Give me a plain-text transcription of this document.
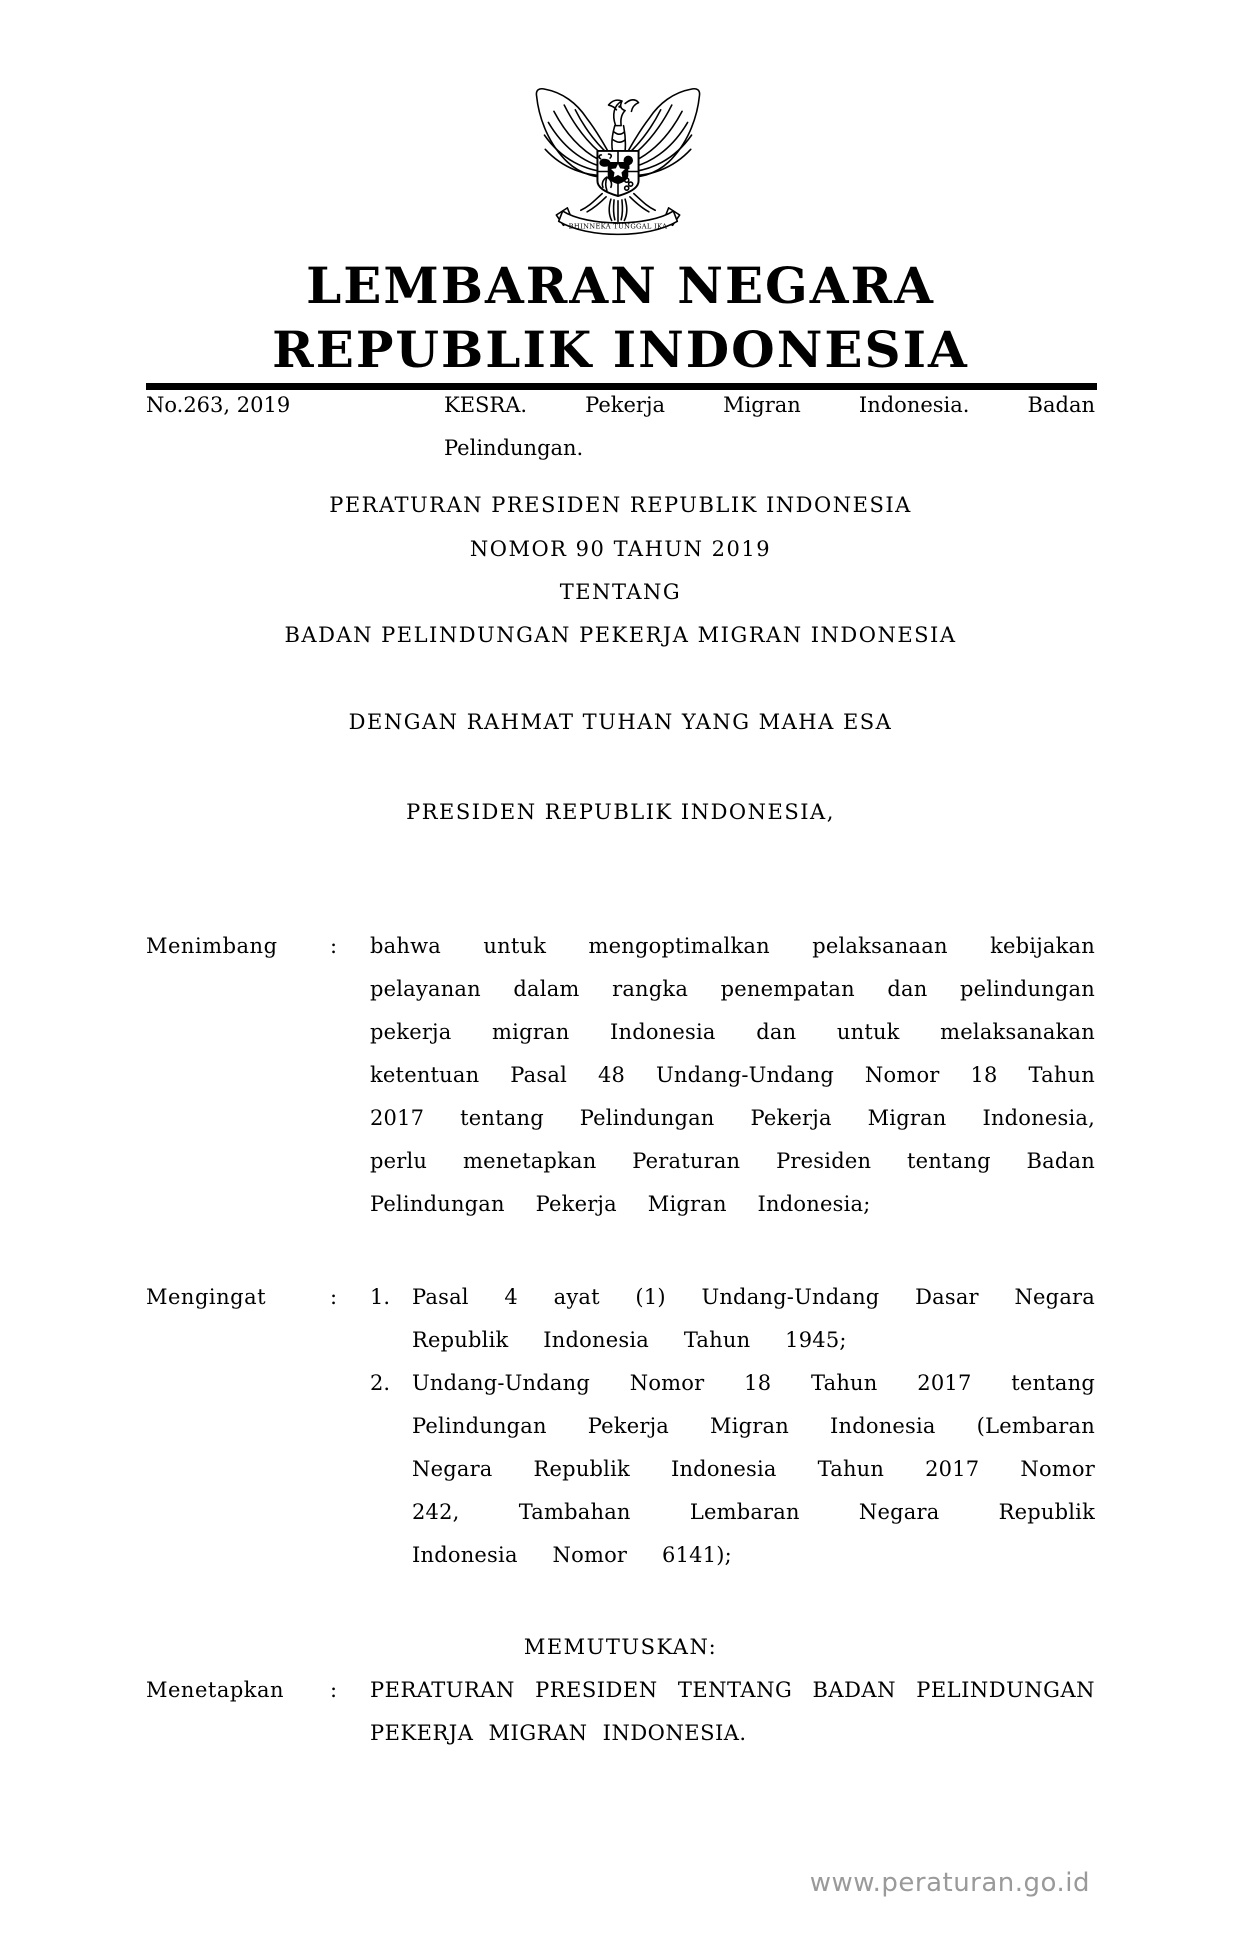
BHINNEKA TUNGGAL IKA
LEMBARAN NEGARA
REPUBLIK INDONESIA
No.263, 2019	KESRA. Pekerja Migran Indonesia. Badan
Pelindungan.
PERATURAN PRESIDEN REPUBLIK INDONESIA
NOMOR 90 TAHUN 2019
TENTANG
BADAN PELINDUNGAN PEKERJA MIGRAN INDONESIA
DENGAN RAHMAT TUHAN YANG MAHA ESA
PRESIDEN REPUBLIK INDONESIA,
Menimbang	:	bahwa untuk mengoptimalkan pelaksanaan kebijakan pelayanan dalam rangka penempatan dan pelindungan pekerja migran Indonesia dan untuk melaksanakan ketentuan Pasal 48 Undang-Undang Nomor 18 Tahun 2017 tentang Pelindungan Pekerja Migran Indonesia, perlu menetapkan Peraturan Presiden tentang Badan Pelindungan Pekerja Migran Indonesia;
Mengingat	:	1.	Pasal 4 ayat (1) Undang-Undang Dasar Negara Republik Indonesia Tahun 1945;
2.	Undang-Undang Nomor 18 Tahun 2017 tentang Pelindungan Pekerja Migran Indonesia (Lembaran Negara Republik Indonesia Tahun 2017 Nomor 242, Tambahan Lembaran Negara Republik Indonesia Nomor 6141);
MEMUTUSKAN:
Menetapkan	:	PERATURAN PRESIDEN TENTANG BADAN PELINDUNGAN PEKERJA MIGRAN INDONESIA.
www.peraturan.go.id
